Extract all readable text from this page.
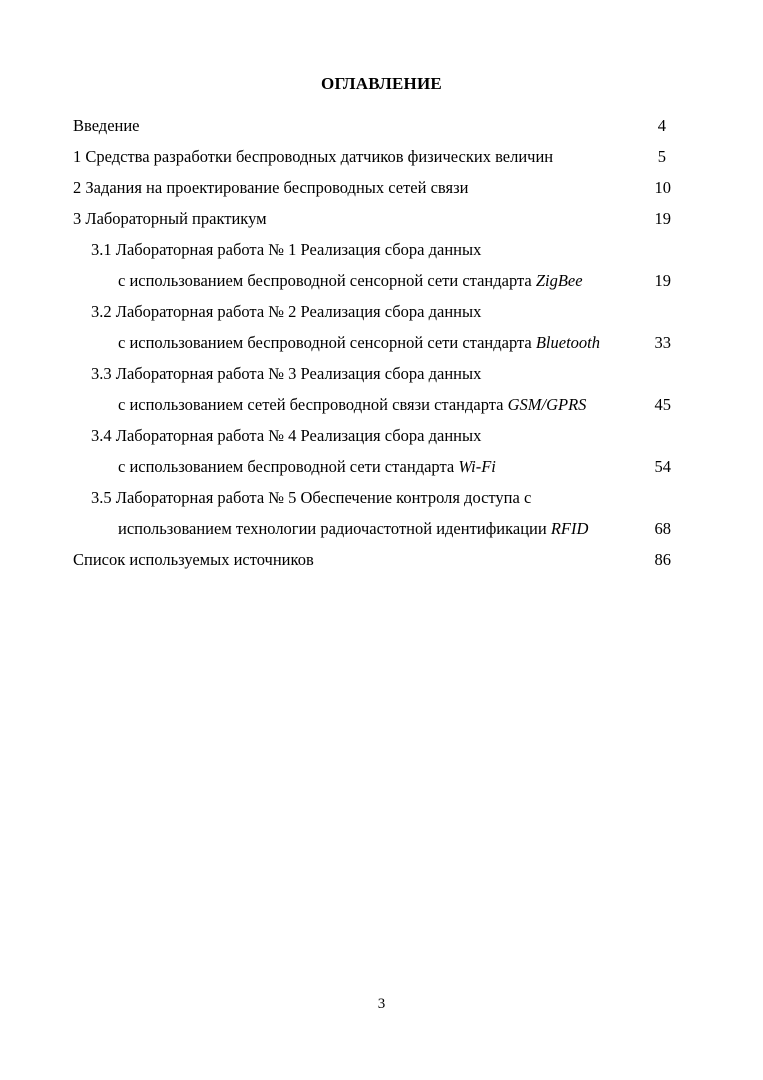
ОГЛАВЛЕНИЕ
Введение	4
1 Средства разработки беспроводных датчиков физических величин	5
2 Задания на проектирование беспроводных сетей связи	10
3 Лабораторный практикум	19
3.1 Лабораторная работа № 1 Реализация сбора данных
с использованием беспроводной сенсорной сети стандарта ZigBee	19
3.2 Лабораторная работа № 2 Реализация сбора данных
с использованием беспроводной сенсорной сети стандарта Bluetooth	33
3.3 Лабораторная работа № 3 Реализация сбора данных
с использованием сетей беспроводной связи стандарта GSM/GPRS	45
3.4 Лабораторная работа № 4 Реализация сбора данных
с использованием беспроводной сети стандарта Wi-Fi	54
3.5 Лабораторная работа № 5 Обеспечение контроля доступа с
использованием технологии радиочастотной идентификации RFID	68
Список используемых источников	86
3
